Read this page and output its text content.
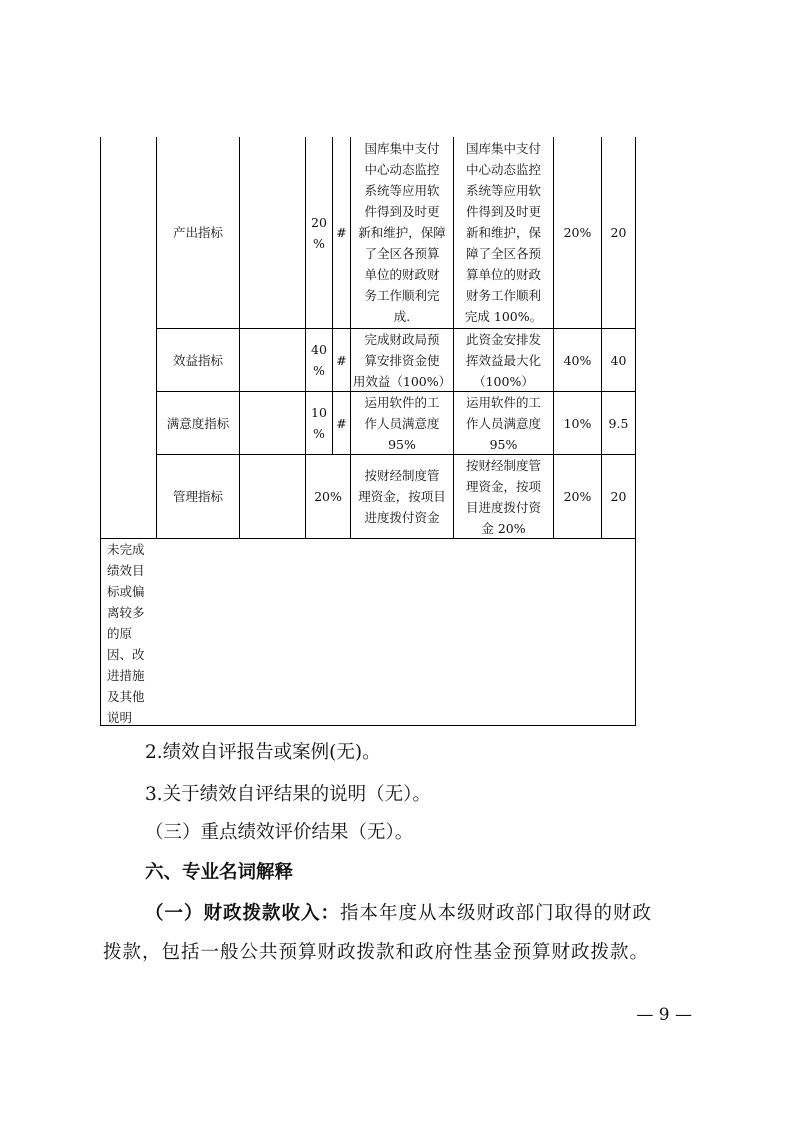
产出指标
20
%
#
国库集中支付
中心动态监控
系统等应用软
件得到及时更
新和维护，保障
了全区各预算
单位的财政财
务工作顺利完
成.
国库集中支付
中心动态监控
系统等应用软
件得到及时更
新和维护，保
障了全区各预
算单位的财政
财务工作顺利
完成 100%。
20% 20
效益指标
40
%
#
完成财政局预
算安排资金使
用效益（100%）
此资金安排发
挥效益最大化
（100%）
40% 40
满意度指标
10
%
#
运用软件的工
作人员满意度
95%
运用软件的工
作人员满意度
95%
10% 9.5
管理指标	20%
按财经制度管
理资金，按项目
进度拨付资金
按财经制度管
理资金，按项
目进度拨付资
金 20%
20% 20
未完成
绩效目
标或偏
离较多
的原
因、改
进措施
及其他
说明
2.绩效自评报告或案例(无)。
3.关于绩效自评结果的说明（无）。
（三）重点绩效评价结果（无）。
六、专业名词解释
（一）财政拨款收入：指本年度从本级财政部门取得的财政
拨款，包括一般公共预算财政拨款和政府性基金预算财政拨款。
— 9 —
